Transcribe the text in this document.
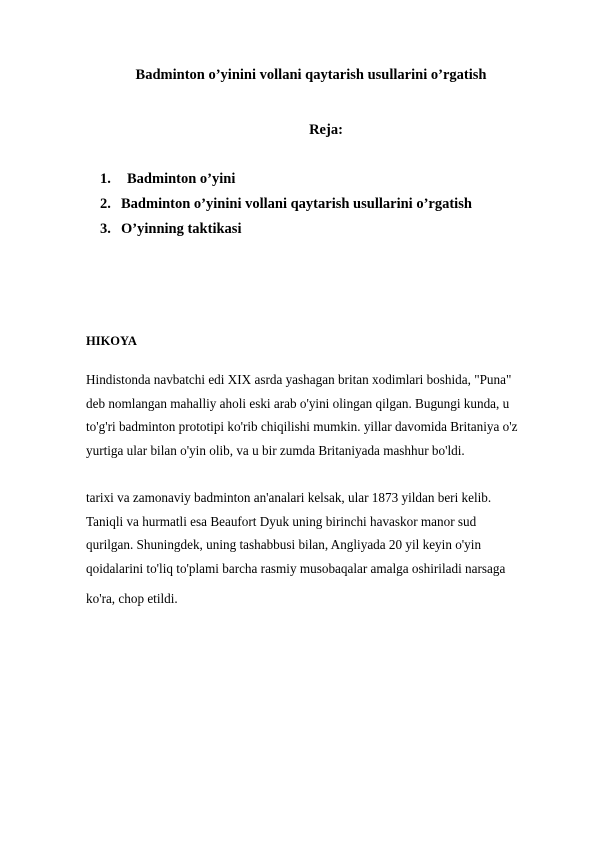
Badminton o’yinini vollani qaytarish usullarini o’rgatish
Reja:
1. Badminton o’yini
2. Badminton o’yinini vollani qaytarish usullarini o’rgatish
3. O’yinning taktikasi
HIKOYA

Hindistonda navbatchi edi XIX asrda yashagan britan xodimlari boshida, "Puna"
deb nomlangan mahalliy aholi eski arab o'yini olingan qilgan. Bugungi kunda, u
to'g'ri badminton prototipi ko'rib chiqilishi mumkin. yillar davomida Britaniya o'z
yurtiga ular bilan o'yin olib, va u bir zumda Britaniyada mashhur bo'ldi.

tarixi va zamonaviy badminton an'analari kelsak, ular 1873 yildan beri kelib.
Taniqli va hurmatli esa Beaufort Dyuk uning birinchi havaskor manor sud
qurilgan. Shuningdek, uning tashabbusi bilan, Angliyada 20 yil keyin o'yin
qoidalarini to'liq to'plami barcha rasmiy musobaqalar amalga oshiriladi narsaga
ko'ra, chop etildi.
